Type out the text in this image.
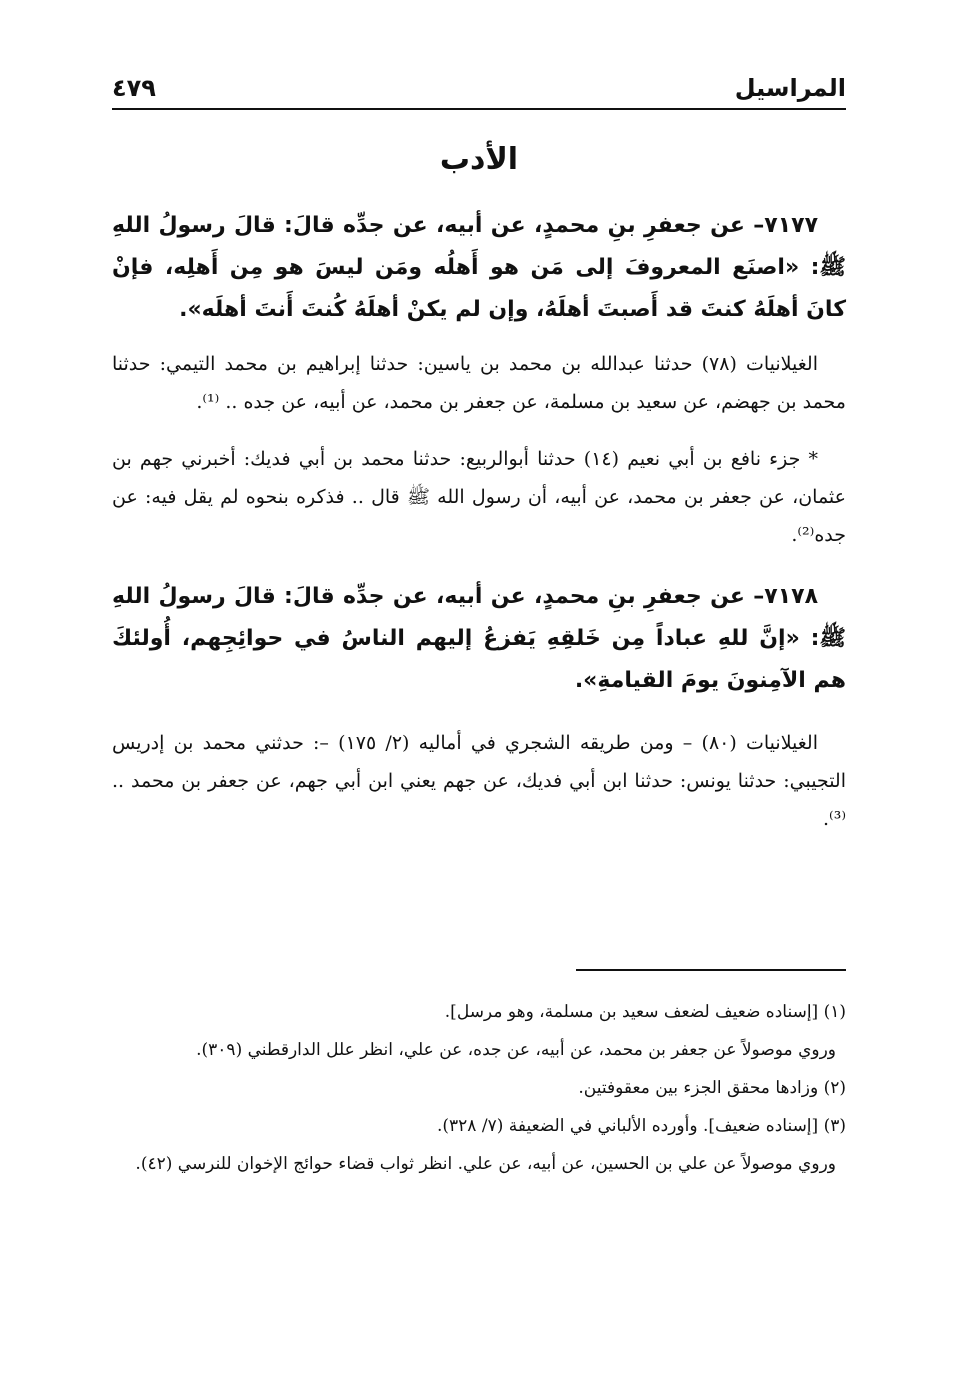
المراسيل
٤٧٩
الأدب

٧١٧٧– عن جعفرِ بنِ محمدٍ، عن أبيه، عن جدِّه قالَ: قالَ رسولُ اللهِ ﷺ: «اصنَع المعروفَ إلى مَن هو أَهلُه ومَن ليسَ هو مِن أَهلِه، فإنْ كانَ أهلَهُ كنتَ قد أَصبتَ أهلَهُ، وإن لم يكنْ أهلَهُ كُنتَ أَنتَ أهلَه».

الغيلانيات (٧٨) حدثنا عبدالله بن محمد بن ياسين: حدثنا إبراهيم بن محمد التيمي: حدثنا محمد بن جهضم، عن سعيد بن مسلمة، عن جعفر بن محمد، عن أبيه، عن جده .. ⁽¹⁾.

* جزء نافع بن أبي نعيم (١٤) حدثنا أبوالربيع: حدثنا محمد بن أبي فديك: أخبرني جهم بن عثمان، عن جعفر بن محمد، عن أبيه، أن رسول الله ﷺ قال .. فذكره بنحوه لم يقل فيه: عن جده⁽²⁾.

٧١٧٨– عن جعفرِ بنِ محمدٍ، عن أبيه، عن جدِّه قالَ: قالَ رسولُ اللهِ ﷺ: «إنَّ للهِ عباداً مِن خَلقِهِ يَفزعُ إليهم الناسُ في حوائِجِهم، أُولئكَ هم الآمِنونَ يومَ القيامةِ».

الغيلانيات (٨٠) – ومن طريقه الشجري في أماليه (٢/ ١٧٥) –: حدثني محمد بن إدريس التجيبي: حدثنا يونس: حدثنا ابن أبي فديك، عن جهم يعني ابن أبي جهم، عن جعفر بن محمد .. ⁽³⁾.

(١) [إسناده ضعيف لضعف سعيد بن مسلمة، وهو مرسل].

وروي موصولاً عن جعفر بن محمد، عن أبيه، عن جده، عن علي، انظر علل الدارقطني (٣٠٩).

(٢) وزادها محقق الجزء بين معقوفتين.

(٣) [إسناده ضعيف]. وأورده الألباني في الضعيفة (٧/ ٣٢٨).

وروي موصولاً عن علي بن الحسين، عن أبيه، عن علي. انظر ثواب قضاء حوائج الإخوان للنرسي (٤٢).
